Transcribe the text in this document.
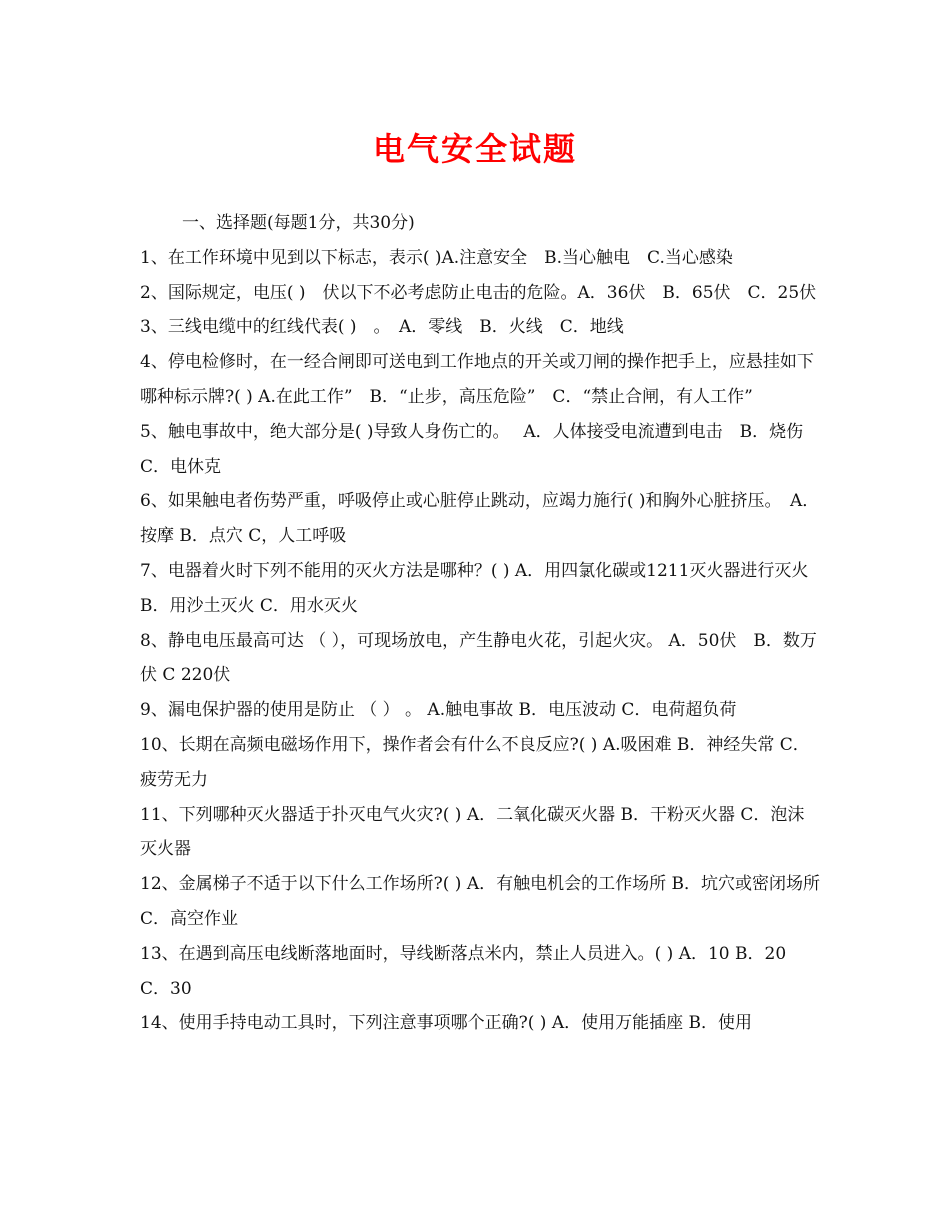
电气安全试题
一、选择题(每题1分，共30分)

1、在工作环境中见到以下标志，表示( )A.注意安全　B.当心触电　C.当心感染

2、国际规定，电压( )　伏以下不必考虑防止电击的危险。A．36伏　B．65伏　C．25伏

3、三线电缆中的红线代表( )　。　A．零线　B．火线　C．地线

4、停电检修时，在一经合闸即可送电到工作地点的开关或刀闸的操作把手上，应悬挂如下哪种标示牌?( ) A.在此工作”　B．“止步，高压危险”　C．“禁止合闸，有人工作”

5、触电事故中，绝大部分是( )导致人身伤亡的。　 A．人体接受电流遭到电击　B．烧伤 C．电休克

6、如果触电者伤势严重，呼吸停止或心脏停止跳动，应竭力施行( )和胸外心脏挤压。　A．按摩 B．点穴 C，人工呼吸

7、电器着火时下列不能用的灭火方法是哪种？( ) A．用四氯化碳或1211灭火器进行灭火 B．用沙土灭火 C．用水灭火

8、静电电压最高可达 （ ），可现场放电，产生静电火花，引起火灾。 A．50伏　B．数万伏 C 220伏

9、漏电保护器的使用是防止 （ ） 。 A.触电事故 B．电压波动 C．电荷超负荷

10、长期在高频电磁场作用下，操作者会有什么不良反应?( ) A.吸困难 B．神经失常 C．疲劳无力

11、下列哪种灭火器适于扑灭电气火灾?( ) A．二氧化碳灭火器 B．干粉灭火器 C．泡沫灭火器

12、金属梯子不适于以下什么工作场所?( ) A．有触电机会的工作场所 B．坑穴或密闭场所 C．高空作业

13、在遇到高压电线断落地面时，导线断落点米内，禁止人员进入。( ) A．10 B．20 C．30

14、使用手持电动工具时，下列注意事项哪个正确?( ) A．使用万能插座 B．使用
